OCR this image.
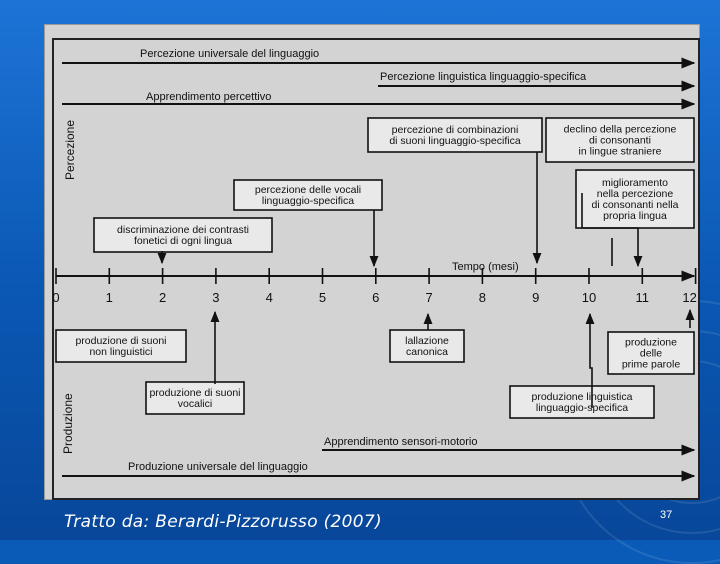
Percezione
Produzione
Percezione universale del linguaggio
Percezione linguistica linguaggio-specifica
Apprendimento percettivo
discriminazione dei contrasti
fonetici di ogni lingua
percezione delle vocali
linguaggio-specifica
percezione di combinazioni
di suoni linguaggio-specifica
declino della percezione
di consonanti
in lingue straniere
miglioramento
nella percezione
di consonanti nella
propria lingua
produzione di suoni
non linguistici
produzione di suoni
vocalici
lallazione
canonica
produzione linguistica
linguaggio-specifica
produzione
delle
prime parole
Tempo (mesi)
0	1	2	3	4	5	6	7	8	9	10	11	12
Apprendimento sensori-motorio
Produzione universale del linguaggio
Tratto da: Berardi-Pizzorusso (2007)	37
